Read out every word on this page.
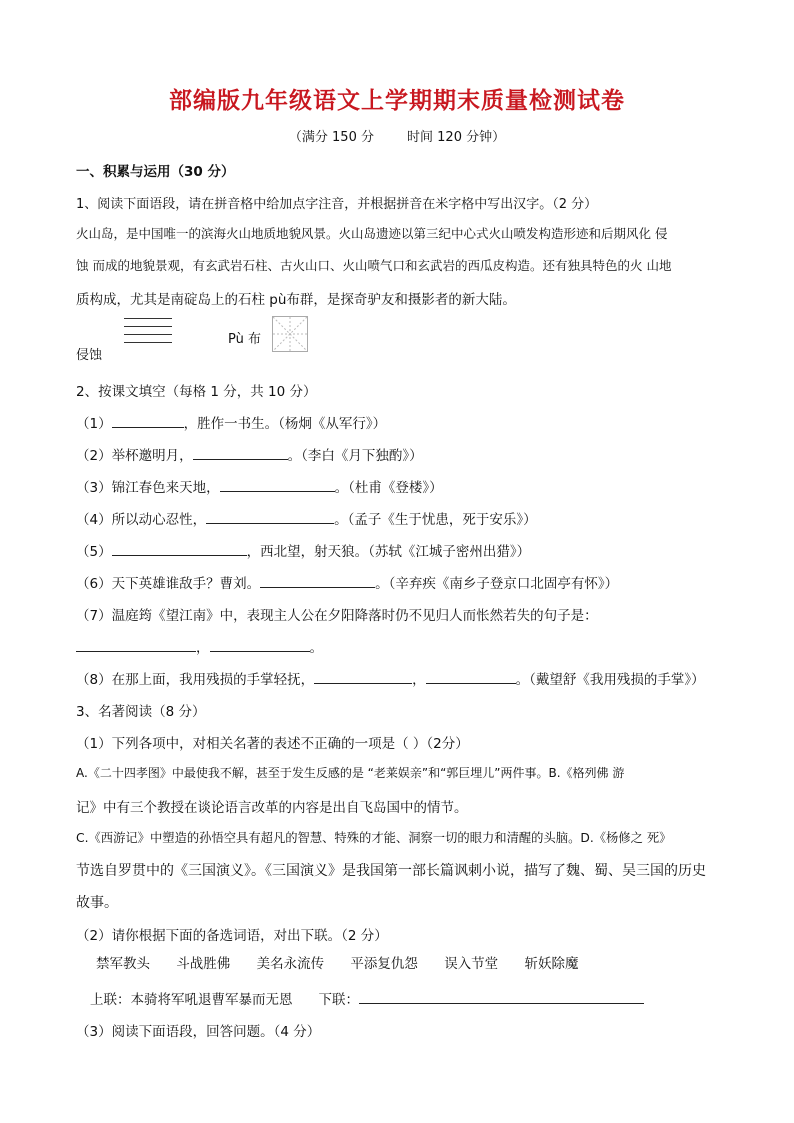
部编版九年级语文上学期期末质量检测试卷
（满分 150 分        时间 120 分钟）
一、积累与运用（30 分）
1、阅读下面语段，请在拼音格中给加点字注音，并根据拼音在米字格中写出汉字。（2 分）
火山岛，是中国唯一的滨海火山地质地貌风景。火山岛遗迹以第三纪中心式火山喷发构造形迹和后期风化 侵
蚀 而成的地貌景观，有玄武岩石柱、古火山口、火山喷气口和玄武岩的西瓜皮构造。还有独具特色的火 山地
质构成，尤其是南碇岛上的石柱 pù布群，是探奇驴友和摄影者的新大陆。
侵蚀
Pù 布
2、按课文填空（每格 1 分，共 10 分）
（1）	，胜作一书生。（杨炯《从军行》）
（2）举杯邀明月，	。（李白《月下独酌》）
（3）锦江春色来天地，	。（杜甫《登楼》）
（4）所以动心忍性，	。（孟子《生于忧患，死于安乐》）
（5）	，西北望，射天狼。（苏轼《江城子密州出猎》）
（6）天下英雄谁敌手？曹刘。	。（辛弃疾《南乡子登京口北固亭有怀》）
（7）温庭筠《望江南》中，表现主人公在夕阳降落时仍不见归人而怅然若失的句子是：
，	。
（8）在那上面，我用残损的手掌轻抚，	，	。（戴望舒《我用残损的手掌》）
3、名著阅读（8 分）
（1）下列各项中，对相关名著的表述不正确的一项是（ ）（2分）
A.《二十四孝图》中最使我不解，甚至于发生反感的是 “老莱娱亲”和“郭巨埋儿”两件事。B.《格列佛 游
记》中有三个教授在谈论语言改革的内容是出自飞岛国中的情节。
C.《西游记》中塑造的孙悟空具有超凡的智慧、特殊的才能、洞察一切的眼力和清醒的头脑。D.《杨修之 死》
节选自罗贯中的《三国演义》。《三国演义》是我国第一部长篇讽刺小说，描写了魏、蜀、吴三国的历史
故事。
（2）请你根据下面的备选词语，对出下联。（2 分）
禁军教头 斗战胜佛 美名永流传 平添复仇怨 误入节堂 斩妖除魔
上联：本骑将军吼退曹军暴而无恩 下联：
（3）阅读下面语段，回答问题。（4 分）
